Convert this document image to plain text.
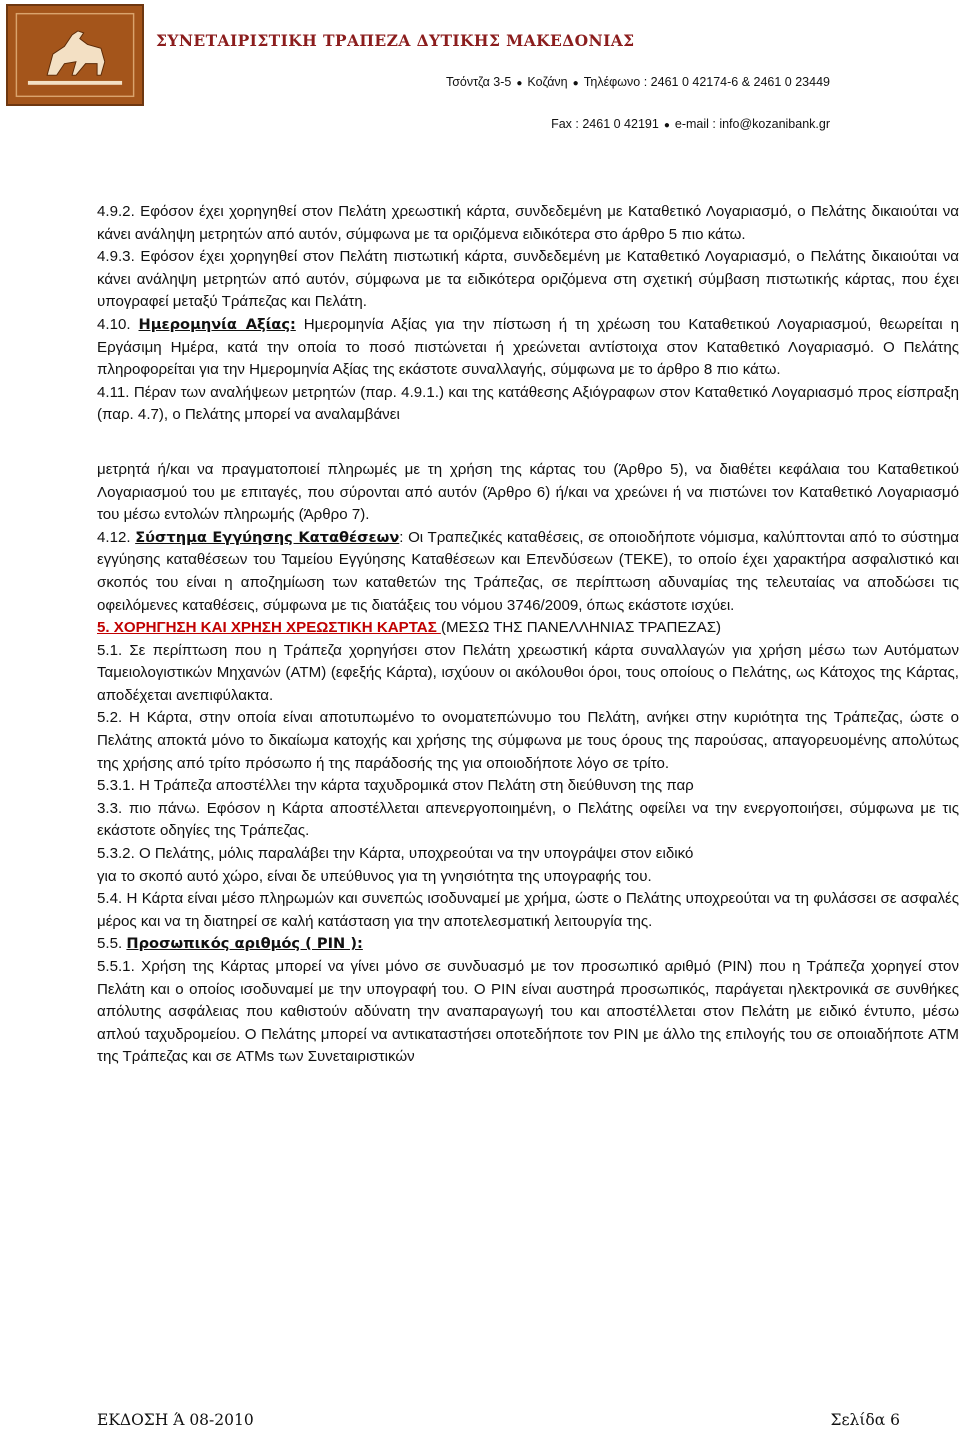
ΣΥΝΕΤΑΙΡΙΣΤΙΚΗ ΤΡΑΠΕΖΑ ΔΥΤΙΚΗΣ ΜΑΚΕΔΟΝΙΑΣ
Τσόντζα 3-5 ● Κοζάνη ● Τηλέφωνο : 2461 0 42174-6 & 2461 0 23449
Fax : 2461 0 42191 ● e-mail : info@kozanibank.gr

4.9.2. Εφόσον έχει χορηγηθεί στον Πελάτη χρεωστική κάρτα, συνδεδεμένη με Καταθετικό Λογαριασμό, ο Πελάτης δικαιούται να κάνει ανάληψη μετρητών από αυτόν, σύμφωνα με τα οριζόμενα ειδικότερα στο άρθρο 5 πιο κάτω.

4.9.3. Εφόσον έχει χορηγηθεί στον Πελάτη πιστωτική κάρτα, συνδεδεμένη με Καταθετικό Λογαριασμό, ο Πελάτης δικαιούται να κάνει ανάληψη μετρητών από αυτόν, σύμφωνα με τα ειδικότερα οριζόμενα στη σχετική σύμβαση πιστωτικής κάρτας, που έχει υπογραφεί μεταξύ Τράπεζας και Πελάτη.

4.10. Ημερομηνία Αξίας: Ημερομηνία Αξίας για την πίστωση ή τη χρέωση του Καταθετικού Λογαριασμού, θεωρείται η Εργάσιμη Ημέρα, κατά την οποία το ποσό πιστώνεται ή χρεώνεται αντίστοιχα στον Καταθετικό Λογαριασμό. Ο Πελάτης πληροφορείται για την Ημερομηνία Αξίας της εκάστοτε συναλλαγής, σύμφωνα με το άρθρο 8 πιο κάτω.

4.11. Πέραν των αναλήψεων μετρητών (παρ. 4.9.1.) και της κατάθεσης Αξιόγραφων στον Καταθετικό Λογαριασμό προς είσπραξη (παρ. 4.7), ο Πελάτης μπορεί να αναλαμβάνει

μετρητά ή/και να πραγματοποιεί πληρωμές με τη χρήση της κάρτας του (Άρθρο 5), να διαθέτει κεφάλαια του Καταθετικού Λογαριασμού του με επιταγές, που σύρονται από αυτόν (Άρθρο 6) ή/και να χρεώνει ή να πιστώνει τον Καταθετικό Λογαριασμό του μέσω εντολών πληρωμής (Άρθρο 7).

4.12. Σύστημα Εγγύησης Καταθέσεων: Οι Τραπεζικές καταθέσεις, σε οποιοδήποτε νόμισμα, καλύπτονται από το σύστημα εγγύησης καταθέσεων του Ταμείου Εγγύησης Καταθέσεων και Επενδύσεων (ΤΕΚΕ), το οποίο έχει χαρακτήρα ασφαλιστικό και σκοπός του είναι η αποζημίωση των καταθετών της Τράπεζας, σε περίπτωση αδυναμίας της τελευταίας να αποδώσει τις οφειλόμενες καταθέσεις, σύμφωνα με τις διατάξεις του νόμου 3746/2009, όπως εκάστοτε ισχύει.

5. ΧΟΡΗΓΗΣΗ ΚΑΙ ΧΡΗΣΗ ΧΡΕΩΣΤΙΚΗ ΚΑΡΤΑΣ (ΜΕΣΩ ΤΗΣ ΠΑΝΕΛΛΗΝΙΑΣ ΤΡΑΠΕΖΑΣ)

5.1. Σε περίπτωση που η Τράπεζα χορηγήσει στον Πελάτη χρεωστική κάρτα συναλλαγών για χρήση μέσω των Αυτόματων Ταμειολογιστικών Μηχανών (ΑΤΜ) (εφεξής Κάρτα), ισχύουν οι ακόλουθοι όροι, τους οποίους ο Πελάτης, ως Κάτοχος της Κάρτας, αποδέχεται ανεπιφύλακτα.

5.2. Η Κάρτα, στην οποία είναι αποτυπωμένο το ονοματεπώνυμο του Πελάτη, ανήκει στην κυριότητα της Τράπεζας, ώστε ο Πελάτης αποκτά μόνο το δικαίωμα κατοχής και χρήσης της σύμφωνα με τους όρους της παρούσας, απαγορευομένης απολύτως της χρήσης από τρίτο πρόσωπο ή της παράδοσής της για οποιοδήποτε λόγο σε τρίτο.

5.3.1. Η Τράπεζα αποστέλλει την κάρτα ταχυδρομικά στον Πελάτη στη διεύθυνση της παρ

3.3. πιο πάνω. Εφόσον η Κάρτα αποστέλλεται απενεργοποιημένη, ο Πελάτης οφείλει να την ενεργοποιήσει, σύμφωνα με τις εκάστοτε οδηγίες της Τράπεζας.

5.3.2. Ο Πελάτης, μόλις παραλάβει την Κάρτα, υποχρεούται να την υπογράψει στον ειδικό

για το σκοπό αυτό χώρο, είναι δε υπεύθυνος για τη γνησιότητα της υπογραφής του.

5.4. Η Κάρτα είναι μέσο πληρωμών και συνεπώς ισοδυναμεί με χρήμα, ώστε ο Πελάτης υποχρεούται να τη φυλάσσει σε ασφαλές μέρος και να τη διατηρεί σε καλή κατάσταση για την αποτελεσματική λειτουργία της.

5.5. Προσωπικός αριθμός ( PIN ):

5.5.1. Χρήση της Κάρτας μπορεί να γίνει μόνο σε συνδυασμό με τον προσωπικό αριθμό (PIN) που η Τράπεζα χορηγεί στον Πελάτη και ο οποίος ισοδυναμεί με την υπογραφή του. Ο PIN είναι αυστηρά προσωπικός, παράγεται ηλεκτρονικά σε συνθήκες απόλυτης ασφάλειας που καθιστούν αδύνατη την αναπαραγωγή του και αποστέλλεται στον Πελάτη με ειδικό έντυπο, μέσω απλού ταχυδρομείου. Ο Πελάτης μπορεί να αντικαταστήσει οποτεδήποτε τον PIN με άλλο της επιλογής του σε οποιαδήποτε ATM της Τράπεζας και σε ATMs των Συνεταιριστικών

ΕΚΔΟΣΗ Ά 08-2010	Σελίδα 6
